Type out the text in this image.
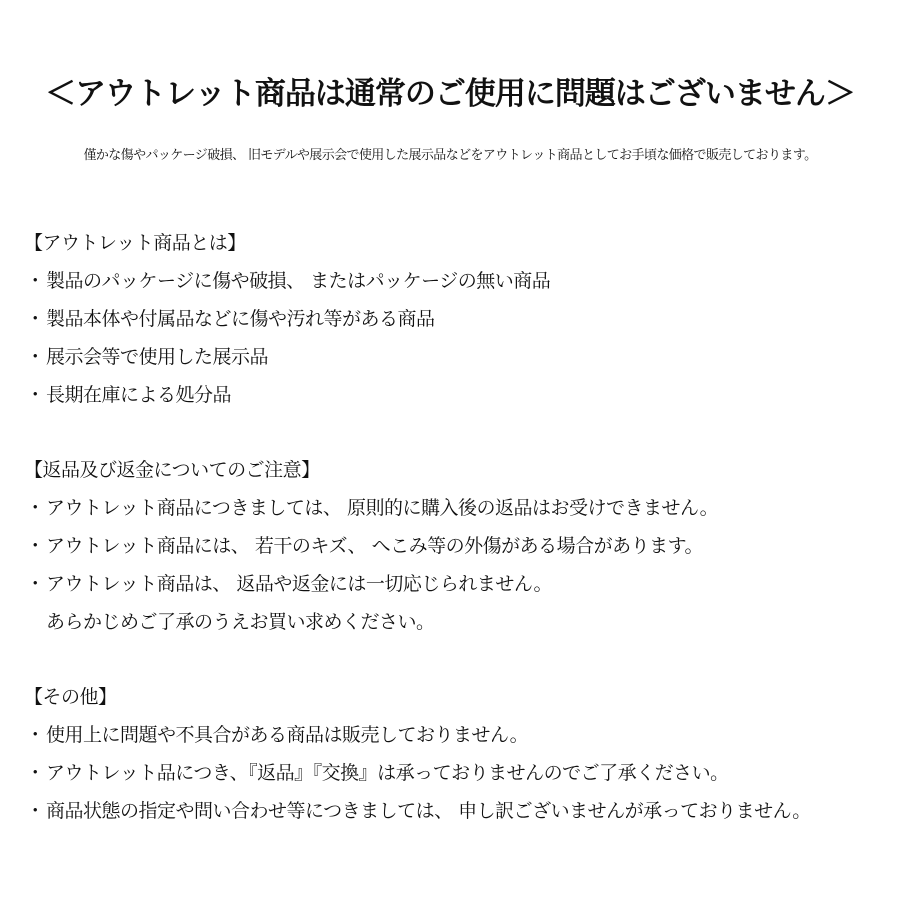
＜アウトレット商品は通常のご使用に問題はございません＞
僅かな傷やパッケージ破損、 旧モデルや展示会で使用した展示品などをアウトレット商品としてお手頃な価格で販売しております。
【アウトレット商品とは】
・製品のパッケージに傷や破損、 またはパッケージの無い商品
・製品本体や付属品などに傷や汚れ等がある商品
・展示会等で使用した展示品
・長期在庫による処分品
【返品及び返金についてのご注意】
・アウトレット商品につきましては、 原則的に購入後の返品はお受けできません。
・アウトレット商品には、 若干のキズ、 へこみ等の外傷がある場合があります。
・アウトレット商品は、 返品や返金には一切応じられません。
あらかじめご了承のうえお買い求めください。
【その他】
・使用上に問題や不具合がある商品は販売しておりません。
・アウトレット品につき、『返品』『交換』は承っておりませんのでご了承ください。
・商品状態の指定や問い合わせ等につきましては、 申し訳ございませんが承っておりません。
